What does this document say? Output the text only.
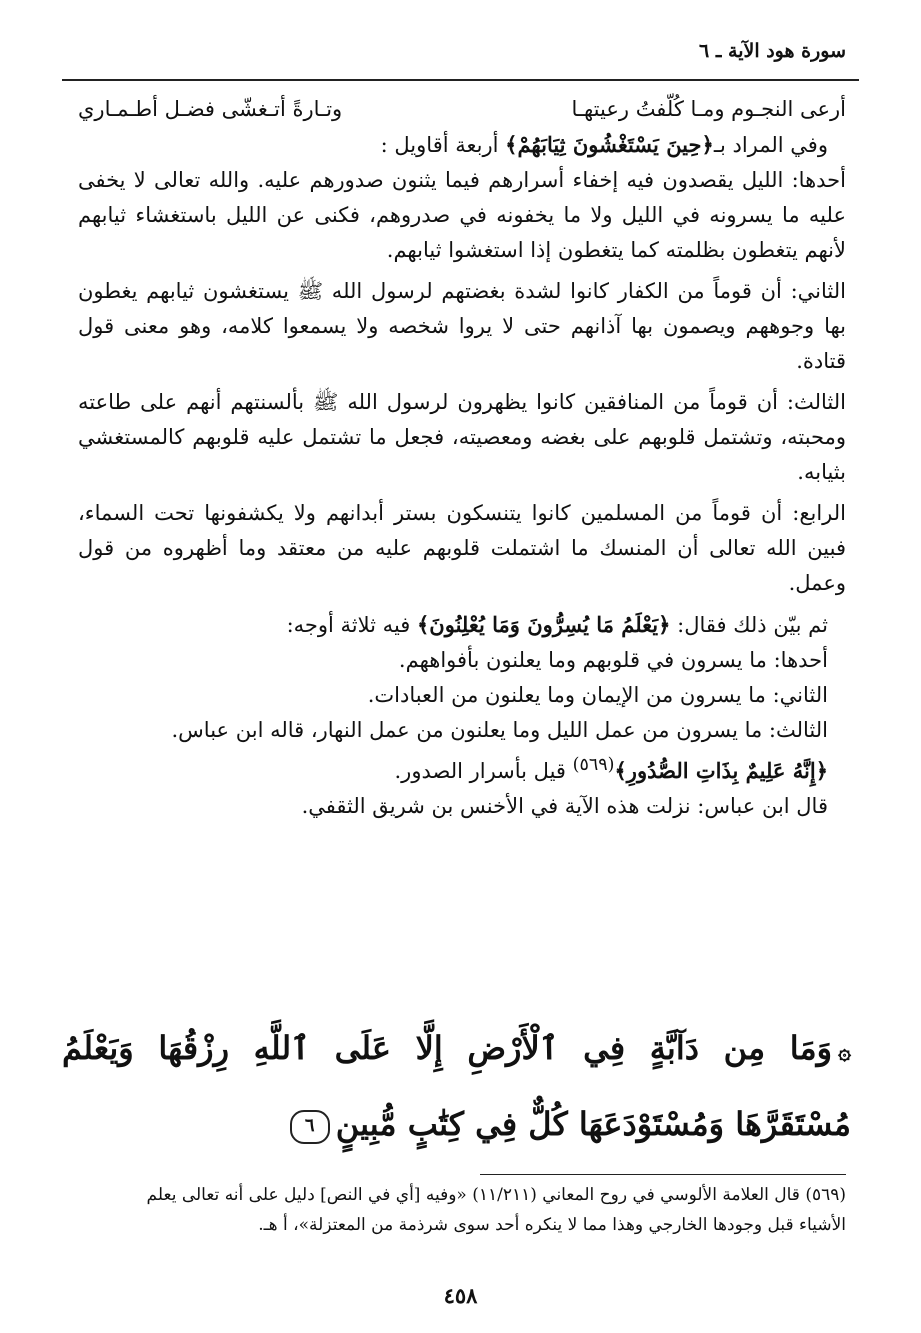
سورة هود الآية ـ ٦
أرعى النجـوم ومـا كُلّفتُ رعيتهـا
وتـارةً أتـغشّى فضـل أطـمـاري

وفي المراد بـ﴿حِينَ يَسْتَغْشُونَ ثِيَابَهُمْ﴾ أربعة أقاويل :

أحدها: الليل يقصدون فيه إخفاء أسرارهم فيما يثنون صدورهم عليه. والله تعالى لا يخفى عليه ما يسرونه في الليل ولا ما يخفونه في صدروهم، فكنى عن الليل باستغشاء ثيابهم لأنهم يتغطون بظلمته كما يتغطون إذا استغشوا ثيابهم.

الثاني: أن قوماً من الكفار كانوا لشدة بغضتهم لرسول الله ﷺ يستغشون ثيابهم يغطون بها وجوههم ويصمون بها آذانهم حتى لا يروا شخصه ولا يسمعوا كلامه، وهو معنى قول قتادة.

الثالث: أن قوماً من المنافقين كانوا يظهرون لرسول الله ﷺ بألسنتهم أنهم على طاعته ومحبته، وتشتمل قلوبهم على بغضه ومعصيته، فجعل ما تشتمل عليه قلوبهم كالمستغشي بثيابه.

الرابع: أن قوماً من المسلمين كانوا يتنسكون بستر أبدانهم ولا يكشفونها تحت السماء، فبين الله تعالى أن المنسك ما اشتملت قلوبهم عليه من معتقد وما أظهروه من قول وعمل.

ثم بيّن ذلك فقال: ﴿يَعْلَمُ مَا يُسِرُّونَ وَمَا يُعْلِنُونَ﴾ فيه ثلاثة أوجه:

أحدها: ما يسرون في قلوبهم وما يعلنون بأفواههم.

الثاني: ما يسرون من الإيمان وما يعلنون من العبادات.

الثالث: ما يسرون من عمل الليل وما يعلنون من عمل النهار، قاله ابن عباس.

﴿إِنَّهُ عَلِيمٌ بِذَاتِ الصُّدُورِ﴾$^{(٥٦٩)}$ قيل بأسرار الصدور.

قال ابن عباس: نزلت هذه الآية في الأخنس بن شريق الثقفي.

۞وَمَا مِن دَآبَّةٍ فِي ٱلْأَرْضِ إِلَّا عَلَى ٱللَّهِ رِزْقُهَا وَيَعْلَمُ مُسْتَقَرَّهَا وَمُسْتَوْدَعَهَا كُلٌّ فِي كِتَٰبٍ مُّبِينٍ٦

(٥٦٩) قال العلامة الألوسي في روح المعاني (١١/٢١١) «وفيه [أي في النص] دليل على أنه تعالى يعلم

الأشياء قبل وجودها الخارجي وهذا مما لا ينكره أحد سوى شرذمة من المعتزلة»، أ هـ.

٤٥٨
